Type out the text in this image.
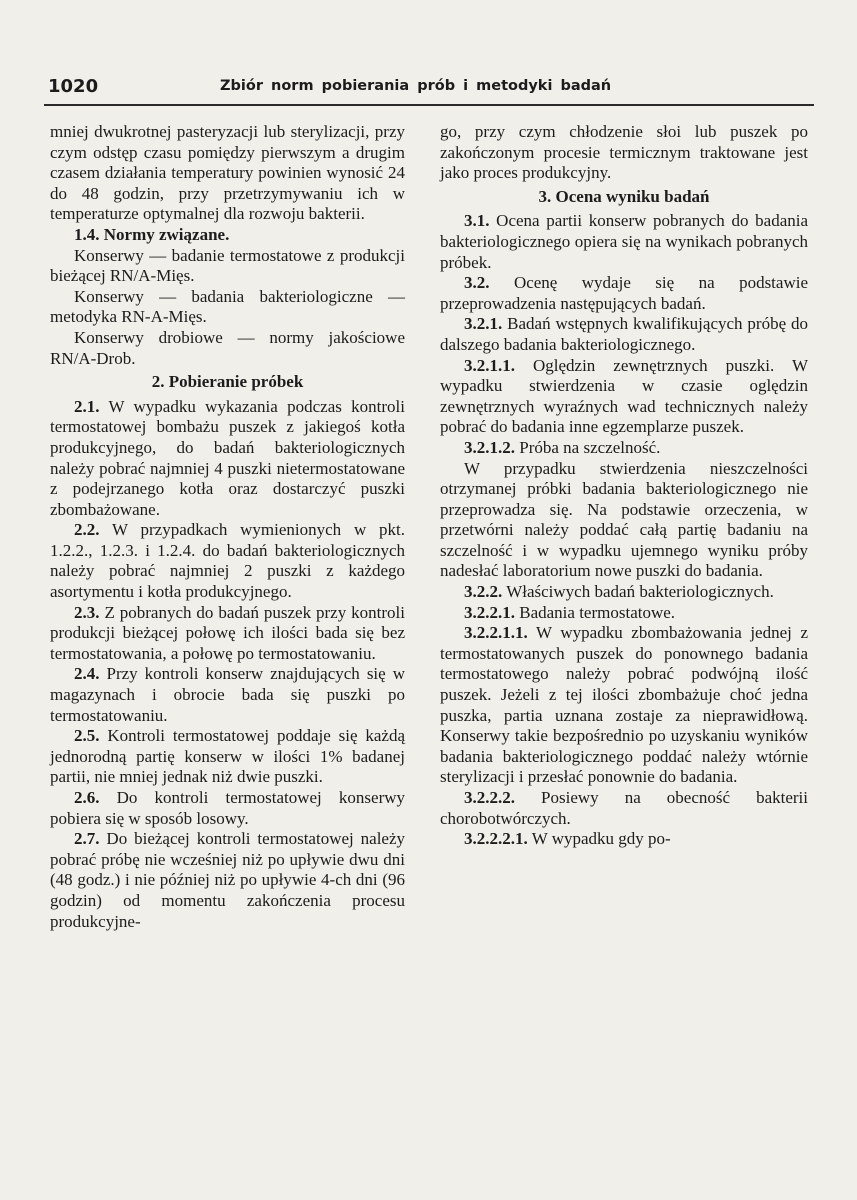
1020	Zbiór norm pobierania prób i metodyki badań

mniej dwukrotnej pasteryzacji lub sterylizacji, przy czym odstęp czasu pomiędzy pierwszym a drugim czasem działania temperatury powinien wynosić 24 do 48 godzin, przy przetrzymywaniu ich w temperaturze optymalnej dla rozwoju bakterii.

1.4. Normy związane.

Konserwy — badanie termostatowe z produkcji bieżącej RN/A-Mięs.

Konserwy — badania bakteriologiczne — metodyka RN-A-Mięs.

Konserwy drobiowe — normy jakościowe RN/A-Drob.

2. Pobieranie próbek

2.1. W wypadku wykazania podczas kontroli termostatowej bombażu puszek z jakiegoś kotła produkcyjnego, do badań bakteriologicznych należy pobrać najmniej 4 puszki nietermostatowane z podejrzanego kotła oraz dostarczyć puszki zbombażowane.

2.2. W przypadkach wymienionych w pkt. 1.2.2., 1.2.3. i 1.2.4. do badań bakteriologicznych należy pobrać najmniej 2 puszki z każdego asortymentu i kotła produkcyjnego.

2.3. Z pobranych do badań puszek przy kontroli produkcji bieżącej połowę ich ilości bada się bez termostatowania, a połowę po termostatowaniu.

2.4. Przy kontroli konserw znajdujących się w magazynach i obrocie bada się puszki po termostatowaniu.

2.5. Kontroli termostatowej poddaje się każdą jednorodną partię konserw w ilości 1% badanej partii, nie mniej jednak niż dwie puszki.

2.6. Do kontroli termostatowej konserwy pobiera się w sposób losowy.

2.7. Do bieżącej kontroli termostatowej należy pobrać próbę nie wcześniej niż po upływie dwu dni (48 godz.) i nie później niż po upływie 4-ch dni (96 godzin) od momentu zakończenia procesu produkcyjne-

go, przy czym chłodzenie słoi lub puszek po zakończonym procesie termicznym traktowane jest jako proces produkcyjny.

3. Ocena wyniku badań

3.1. Ocena partii konserw pobranych do badania bakteriologicznego opiera się na wynikach pobranych próbek.

3.2. Ocenę wydaje się na podstawie przeprowadzenia następujących badań.

3.2.1. Badań wstępnych kwalifikujących próbę do dalszego badania bakteriologicznego.

3.2.1.1. Oględzin zewnętrznych puszki. W wypadku stwierdzenia w czasie oględzin zewnętrznych wyraźnych wad technicznych należy pobrać do badania inne egzemplarze puszek.

3.2.1.2. Próba na szczelność.

W przypadku stwierdzenia nieszczelności otrzymanej próbki badania bakteriologicznego nie przeprowadza się. Na podstawie orzeczenia, w przetwórni należy poddać całą partię badaniu na szczelność i w wypadku ujemnego wyniku próby nadesłać laboratorium nowe puszki do badania.

3.2.2. Właściwych badań bakteriologicznych.

3.2.2.1. Badania termostatowe.

3.2.2.1.1. W wypadku zbombażowania jednej z termostatowanych puszek do ponownego badania termostatowego należy pobrać podwójną ilość puszek. Jeżeli z tej ilości zbombażuje choć jedna puszka, partia uznana zostaje za nieprawidłową. Konserwy takie bezpośrednio po uzyskaniu wyników badania bakteriologicznego poddać należy wtórnie sterylizacji i przesłać ponownie do badania.

3.2.2.2. Posiewy na obecność bakterii chorobotwórczych.

3.2.2.2.1. W wypadku gdy po-
